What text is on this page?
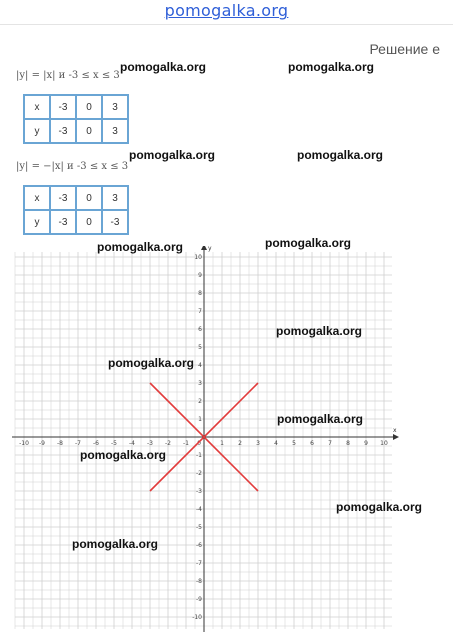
pomogalka.org
Решение е
|y| = |x| и -3 ≤ x ≤ 3
x	-3	0	3
y	-3	0	3
|y| = −|x| и -3 ≤ x ≤ 3
x	-3	0	3
y	-3	0	-3
x
y
-10 -9 -8 -7 -6 -5 -4 -3 -2 -1	1 2 3 4 5 6 7 8 9 10
-10
-9
-8
-7
-6
-5
-4
-3
-2
-1
1
2
3
4
5
6
7
8
9
10
0
pomogalka.org	pomogalka.org
pomogalka.org	pomogalka.org
pomogalka.org	pomogalka.org
pomogalka.org
pomogalka.org
pomogalka.org
pomogalka.org
pomogalka.org
pomogalka.org
